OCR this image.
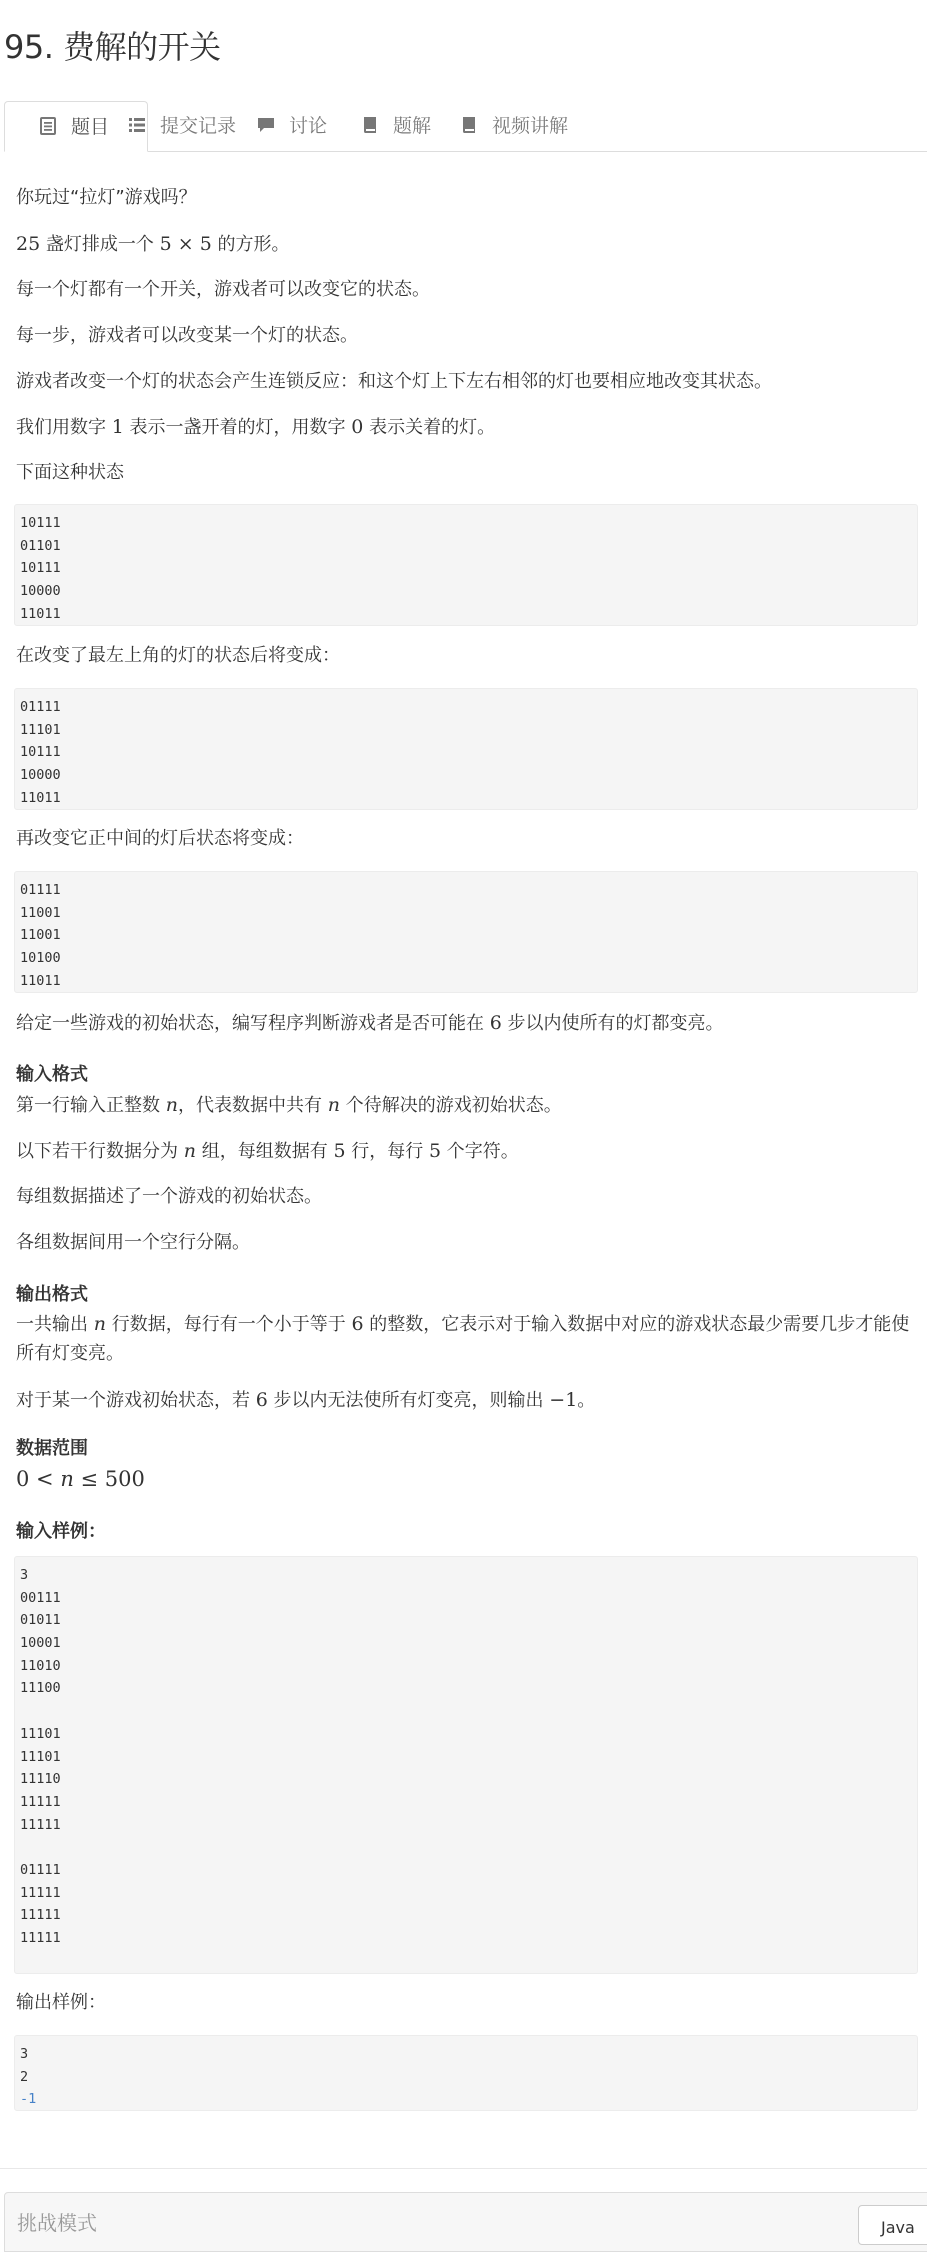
95. 费解的开关
题目	提交记录	讨论	题解	视频讲解

你玩过“拉灯”游戏吗？

25 盏灯排成一个 5 × 5 的方形。

每一个灯都有一个开关，游戏者可以改变它的状态。

每一步，游戏者可以改变某一个灯的状态。

游戏者改变一个灯的状态会产生连锁反应：和这个灯上下左右相邻的灯也要相应地改变其状态。

我们用数字 1 表示一盏开着的灯，用数字 0 表示关着的灯。

下面这种状态

10111
01101
10111
10000
11011

在改变了最左上角的灯的状态后将变成：

01111
11101
10111
10000
11011

再改变它正中间的灯后状态将变成：

01111
11001
11001
10100
11011

给定一些游戏的初始状态，编写程序判断游戏者是否可能在 6 步以内使所有的灯都变亮。

输入格式

第一行输入正整数 n，代表数据中共有 n 个待解决的游戏初始状态。

以下若干行数据分为 n 组，每组数据有 5 行，每行 5 个字符。

每组数据描述了一个游戏的初始状态。

各组数据间用一个空行分隔。

输出格式

一共输出 n 行数据，每行有一个小于等于 6 的整数，它表示对于输入数据中对应的游戏状态最少需要几步才能使

所有灯变亮。

对于某一个游戏初始状态，若 6 步以内无法使所有灯变亮，则输出 −1。

数据范围

0 < n ≤ 500

输入样例：

3
00111
01011
10001
11010
11100
11101
11101
11110
11111
11111
01111
11111
11111
11111

输出样例：

3
2
-1
挑战模式	Java
